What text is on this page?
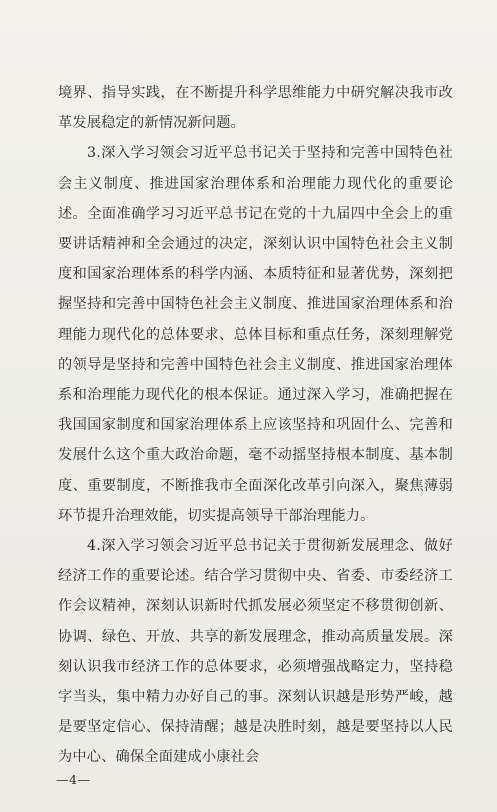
境界、指导实践，在不断提升科学思维能力中研究解决我市改革发展稳定的新情况新问题。

3.深入学习领会习近平总书记关于坚持和完善中国特色社会主义制度、推进国家治理体系和治理能力现代化的重要论述。全面准确学习习近平总书记在党的十九届四中全会上的重要讲话精神和全会通过的决定，深刻认识中国特色社会主义制度和国家治理体系的科学内涵、本质特征和显著优势，深刻把握坚持和完善中国特色社会主义制度、推进国家治理体系和治理能力现代化的总体要求、总体目标和重点任务，深刻理解党的领导是坚持和完善中国特色社会主义制度、推进国家治理体系和治理能力现代化的根本保证。通过深入学习，准确把握在我国国家制度和国家治理体系上应该坚持和巩固什么、完善和发展什么这个重大政治命题，毫不动摇坚持根本制度、基本制度、重要制度，不断推我市全面深化改革引向深入，聚焦薄弱环节提升治理效能，切实提高领导干部治理能力。

4.深入学习领会习近平总书记关于贯彻新发展理念、做好经济工作的重要论述。结合学习贯彻中央、省委、市委经济工作会议精神，深刻认识新时代抓发展必须坚定不移贯彻创新、协调、绿色、开放、共享的新发展理念，推动高质量发展。深刻认识我市经济工作的总体要求，必须增强战略定力，坚持稳字当头，集中精力办好自己的事。深刻认识越是形势严峻，越是要坚定信心、保持清醒；越是决胜时刻，越是要坚持以人民为中心、确保全面建成小康社会

—4—
